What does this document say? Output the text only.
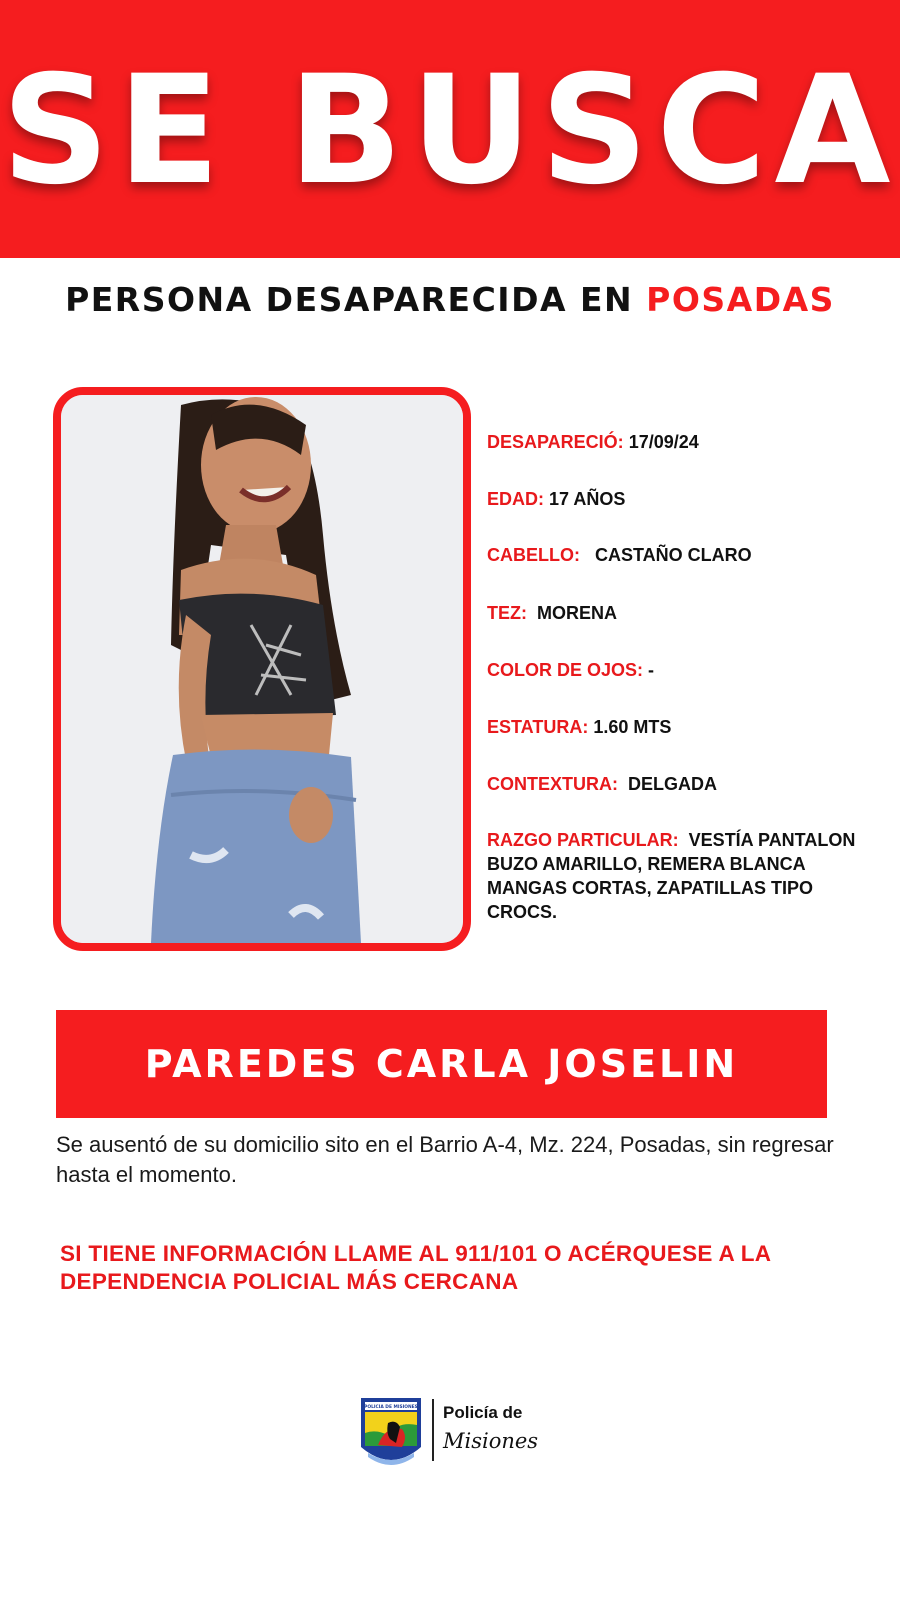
SE BUSCA
PERSONA DESAPARECIDA EN POSADAS
DESAPARECIÓ: 17/09/24
EDAD: 17 AÑOS
CABELLO: CASTAÑO CLARO
TEZ: MORENA
COLOR DE OJOS: -
ESTATURA: 1.60 MTS
CONTEXTURA: DELGADA
RAZGO PARTICULAR: VESTÍA PANTALON BUZO AMARILLO, REMERA BLANCA MANGAS CORTAS, ZAPATILLAS TIPO CROCS.
PAREDES CARLA JOSELIN
Se ausentó de su domicilio sito en el Barrio A-4, Mz. 224, Posadas, sin regresar hasta el momento.
SI TIENE INFORMACIÓN LLAME AL 911/101 O ACÉRQUESE A LA DEPENDENCIA POLICIAL MÁS CERCANA
POLICIA DE MISIONES Policía de
Misiones
